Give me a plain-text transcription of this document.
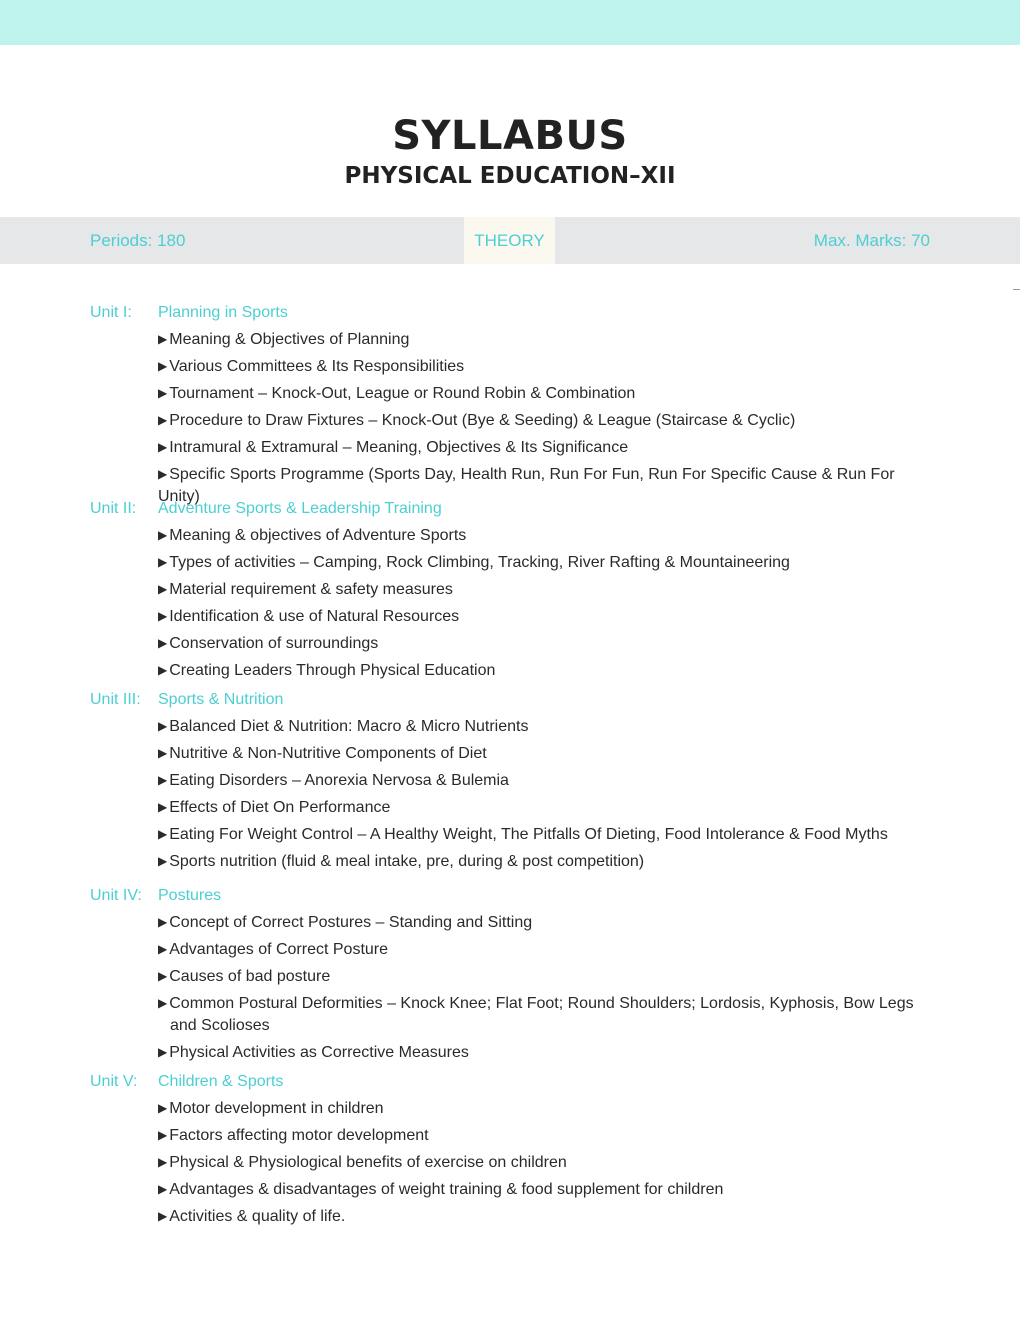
SYLLABUS
PHYSICAL EDUCATION–XII
Periods: 180	THEORY	Max. Marks: 70
Unit I: Planning in Sports
▶ Meaning & Objectives of Planning
▶ Various Committees & Its Responsibilities
▶ Tournament – Knock-Out, League or Round Robin & Combination
▶ Procedure to Draw Fixtures – Knock-Out (Bye & Seeding) & League (Staircase & Cyclic)
▶ Intramural & Extramural – Meaning, Objectives & Its Significance
▶ Specific Sports Programme (Sports Day, Health Run, Run For Fun, Run For Specific Cause & Run For Unity)
Unit II: Adventure Sports & Leadership Training
▶ Meaning & objectives of Adventure Sports
▶ Types of activities – Camping, Rock Climbing, Tracking, River Rafting & Mountaineering
▶ Material requirement & safety measures
▶ Identification & use of Natural Resources
▶ Conservation of surroundings
▶ Creating Leaders Through Physical Education
Unit III: Sports & Nutrition
▶ Balanced Diet & Nutrition: Macro & Micro Nutrients
▶ Nutritive & Non-Nutritive Components of Diet
▶ Eating Disorders – Anorexia Nervosa & Bulemia
▶ Effects of Diet On Performance
▶ Eating For Weight Control – A Healthy Weight, The Pitfalls Of Dieting, Food Intolerance & Food Myths
▶ Sports nutrition (fluid & meal intake, pre, during & post competition)
Unit IV: Postures
▶ Concept of Correct Postures – Standing and Sitting
▶ Advantages of Correct Posture
▶ Causes of bad posture
▶ Common Postural Deformities – Knock Knee; Flat Foot; Round Shoulders; Lordosis, Kyphosis, Bow Legs
and Scolioses
▶ Physical Activities as Corrective Measures
Unit V: Children & Sports
▶ Motor development in children
▶ Factors affecting motor development
▶ Physical & Physiological benefits of exercise on children
▶ Advantages & disadvantages of weight training & food supplement for children
▶ Activities & quality of life.
